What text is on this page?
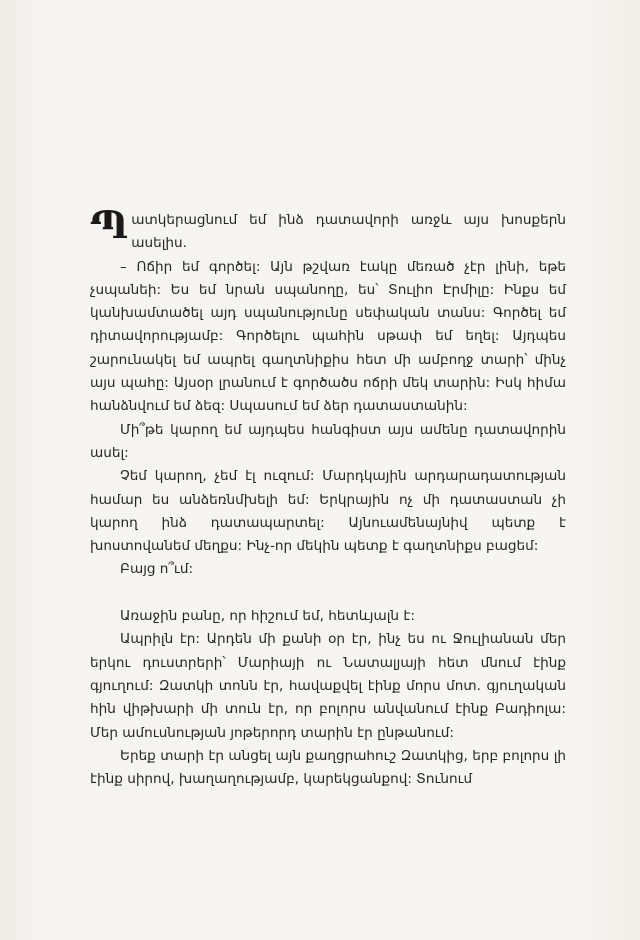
Պատկերացնում եմ ինձ դատավորի առջև այս խոսքերն ասելիս.

– Ոճիր եմ գործել: Այն թշվառ էակը մեռած չէր լինի, եթե չսպանեի: Ես եմ նրան սպանողը, ես՝ Տուլիո Էրմիլը: Ինքս եմ կանխամտածել այդ սպանությունը սեփական տանս: Գործել եմ դիտավորությամբ: Գործելու պահին սթափ եմ եղել: Այդպես շարունակել եմ ապրել գաղտնիքիս հետ մի ամբողջ տարի՝ մինչ այս պահը: Այսօր լրանում է գործածս ոճրի մեկ տարին: Իսկ հիմա հանձնվում եմ ձեզ: Սպասում եմ ձեր դատաստանին:

Մի՞թե կարող եմ այդպես հանգիստ այս ամենը դատավորին ասել:

Չեմ կարող, չեմ էլ ուզում: Մարդկային արդարադատության համար ես անձեռնմխելի եմ: Երկրային ոչ մի դատաստան չի կարող ինձ դատապարտել: Այնուամենայնիվ պետք է խոստովանեմ մեղքս: Ինչ-որ մեկին պետք է գաղտնիքս բացեմ:

Բայց ո՞ւմ:

Առաջին բանը, որ հիշում եմ, հետևյալն է:

Ապրիլն էր: Արդեն մի քանի օր էր, ինչ ես ու Ջուլիանան մեր երկու դուստրերի՝ Մարիայի ու Նատալյայի հետ մնում էինք գյուղում: Զատկի տոնն էր, հավաքվել էինք մորս մոտ. գյուղական հին վիթխարի մի տուն էր, որ բոլորս անվանում էինք Բադիոլա: Մեր ամուսնության յոթերորդ տարին էր ընթանում:

Երեք տարի էր անցել այն քաղցրահուշ Զատկից, երբ բոլորս լի էինք սիրով, խաղաղությամբ, կարեկցանքով: Տունում
